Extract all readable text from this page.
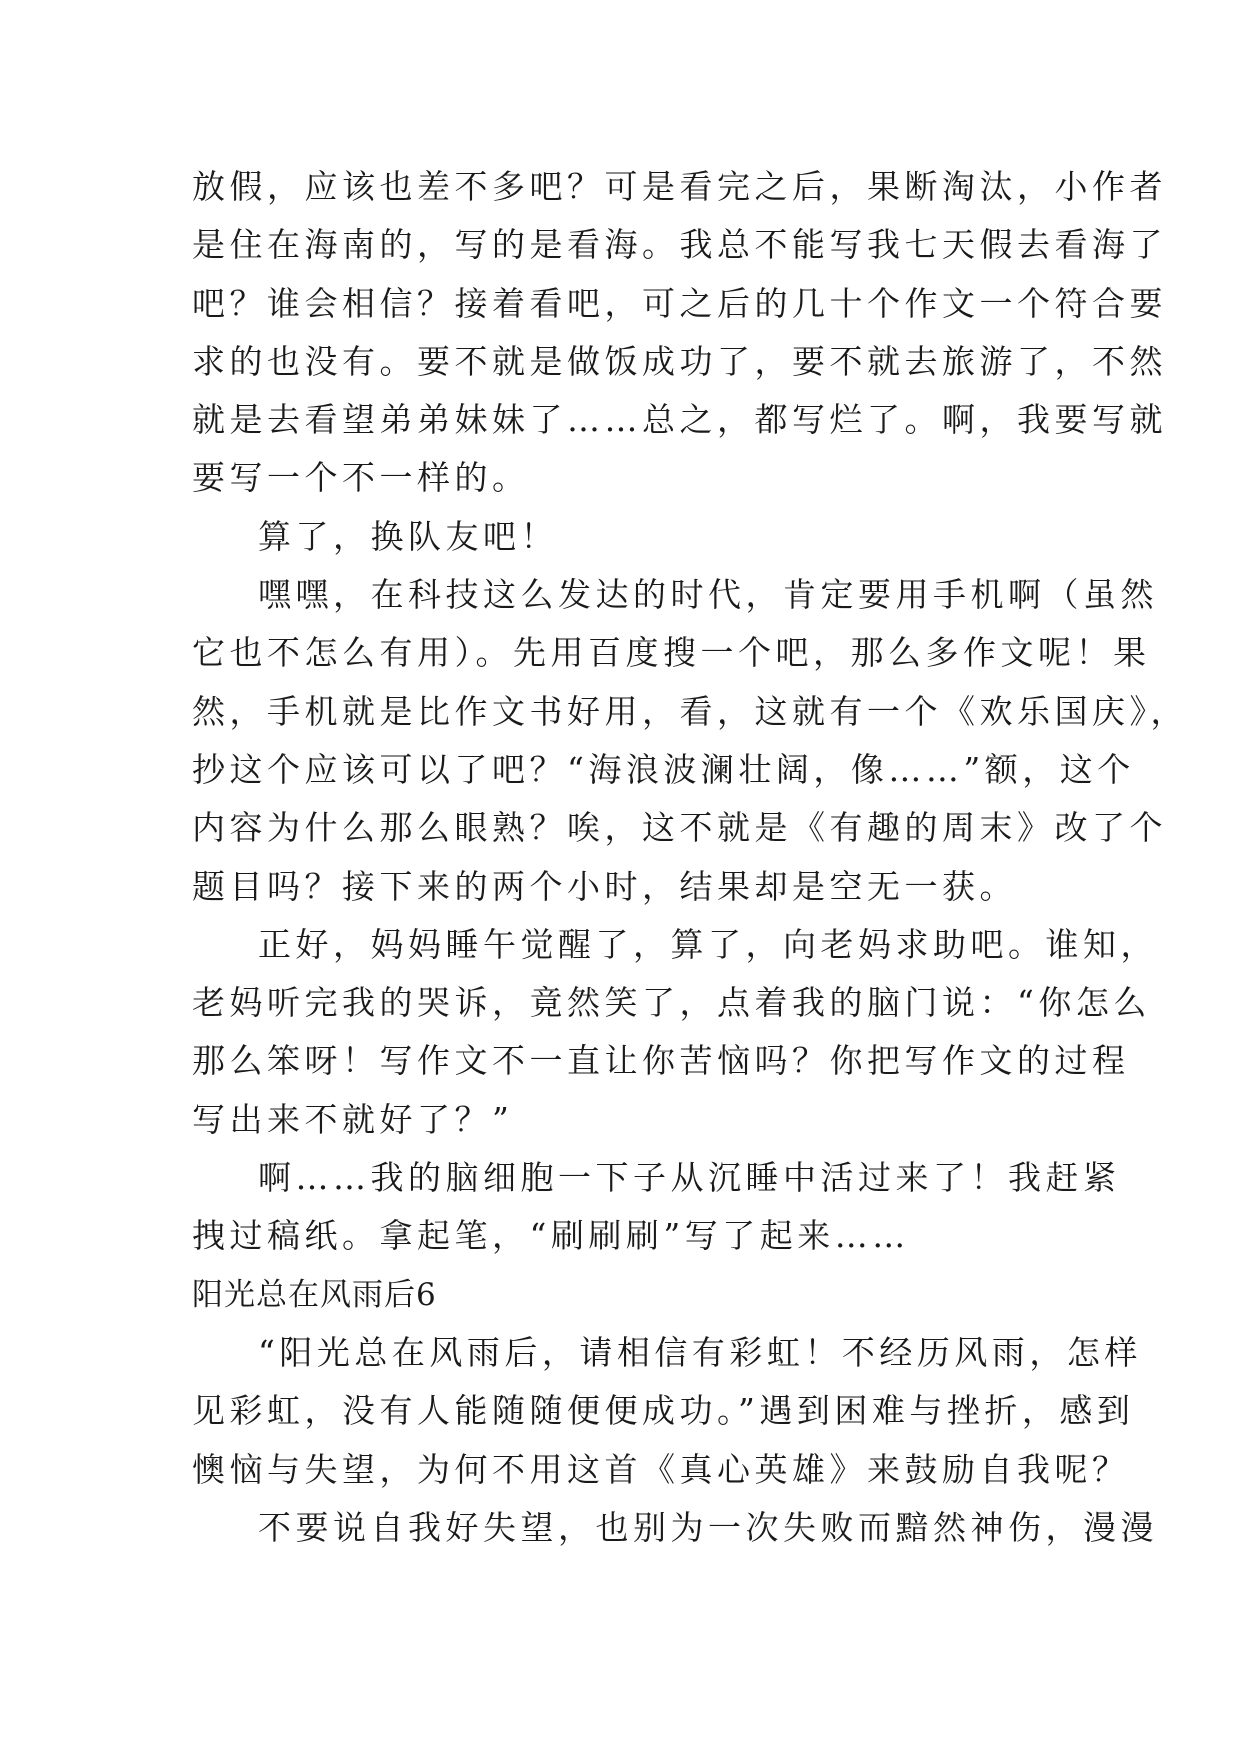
放假，应该也差不多吧？可是看完之后，果断淘汰，小作者
是住在海南的，写的是看海。我总不能写我七天假去看海了
吧？谁会相信？接着看吧，可之后的几十个作文一个符合要
求的也没有。要不就是做饭成功了，要不就去旅游了，不然
就是去看望弟弟妹妹了……总之，都写烂了。啊，我要写就
要写一个不一样的。
算了，换队友吧！
嘿嘿，在科技这么发达的时代，肯定要用手机啊（虽然
它也不怎么有用）。先用百度搜一个吧，那么多作文呢！果
然，手机就是比作文书好用，看，这就有一个《欢乐国庆》，
抄这个应该可以了吧？“海浪波澜壮阔，像……”额，这个
内容为什么那么眼熟？唉，这不就是《有趣的周末》改了个
题目吗？接下来的两个小时，结果却是空无一获。
正好，妈妈睡午觉醒了，算了，向老妈求助吧。谁知，
老妈听完我的哭诉，竟然笑了，点着我的脑门说：“你怎么
那么笨呀！写作文不一直让你苦恼吗？你把写作文的过程
写出来不就好了？”
啊……我的脑细胞一下子从沉睡中活过来了！我赶紧
拽过稿纸。拿起笔，“刷刷刷”写了起来……
阳光总在风雨后6
“阳光总在风雨后，请相信有彩虹！不经历风雨，怎样
见彩虹，没有人能随随便便成功。”遇到困难与挫折，感到
懊恼与失望，为何不用这首《真心英雄》来鼓励自我呢？
不要说自我好失望，也别为一次失败而黯然神伤，漫漫
